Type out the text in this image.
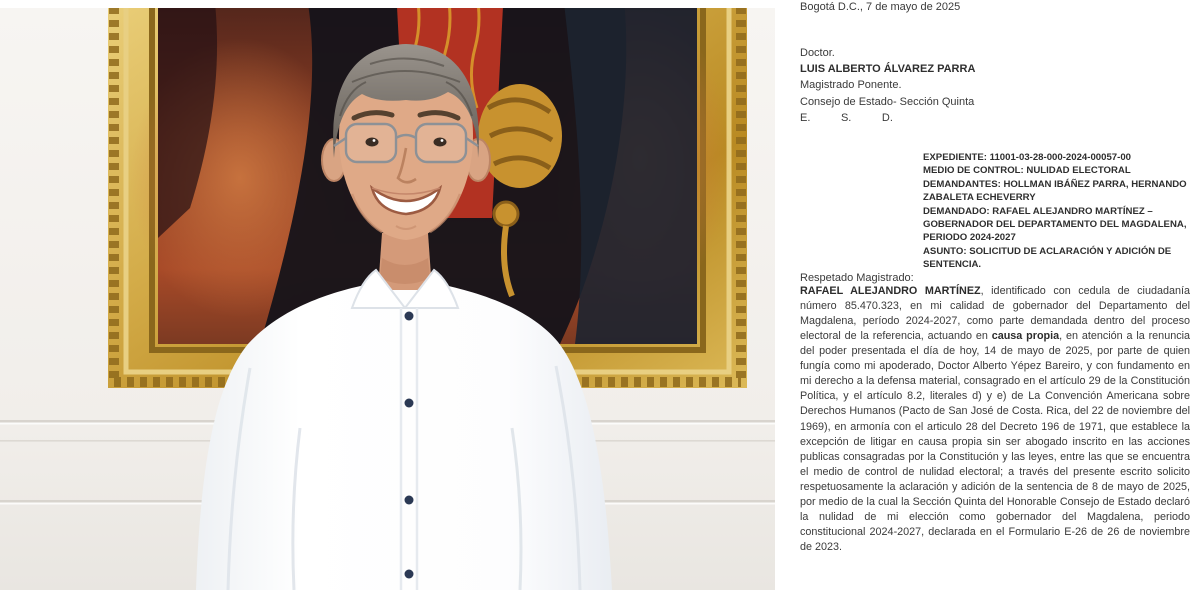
Bogotá D.C., 7 de mayo de 2025

Doctor.

LUIS ALBERTO ÁLVAREZ PARRA

Magistrado Ponente.

Consejo de Estado- Sección Quinta

E.          S.          D.

EXPEDIENTE: 11001-03-28-000-2024-00057-00
MEDIO DE CONTROL: NULIDAD ELECTORAL
DEMANDANTES: HOLLMAN IBÁÑEZ PARRA, HERNANDO ZABALETA ECHEVERRY
DEMANDADO: RAFAEL ALEJANDRO MARTÍNEZ – GOBERNADOR DEL DEPARTAMENTO DEL MAGDALENA, PERIODO 2024-2027
ASUNTO: SOLICITUD DE ACLARACIÓN Y ADICIÓN DE SENTENCIA.

Respetado Magistrado:

RAFAEL ALEJANDRO MARTÍNEZ, identificado con cedula de ciudadanía número 85.470.323, en mi calidad de gobernador del Departamento del Magdalena, período 2024-2027, como parte demandada dentro del proceso electoral de la referencia, actuando en causa propia, en atención a la renuncia del poder presentada el día de hoy, 14 de mayo de 2025, por parte de quien fungía como mi apoderado, Doctor Alberto Yépez Bareiro, y con fundamento en mi derecho a la defensa material, consagrado en el artículo 29 de la Constitución Política, y el artículo 8.2, literales d) y e) de La Convención Americana sobre Derechos Humanos (Pacto de San José de Costa. Rica, del 22 de noviembre del 1969), en armonía con el articulo 28 del Decreto 196 de 1971, que establece la excepción de litigar en causa propia sin ser abogado inscrito en las acciones publicas consagradas por la Constitución y las leyes, entre las que se encuentra el medio de control de nulidad electoral; a través del presente escrito solicito respetuosamente la aclaración y adición de la sentencia de 8 de mayo de 2025, por medio de la cual la Sección Quinta del Honorable Consejo de Estado declaró la nulidad de mi elección como gobernador del Magdalena, periodo constitucional 2024-2027, declarada en el Formulario E-26 de 26 de noviembre de 2023.
